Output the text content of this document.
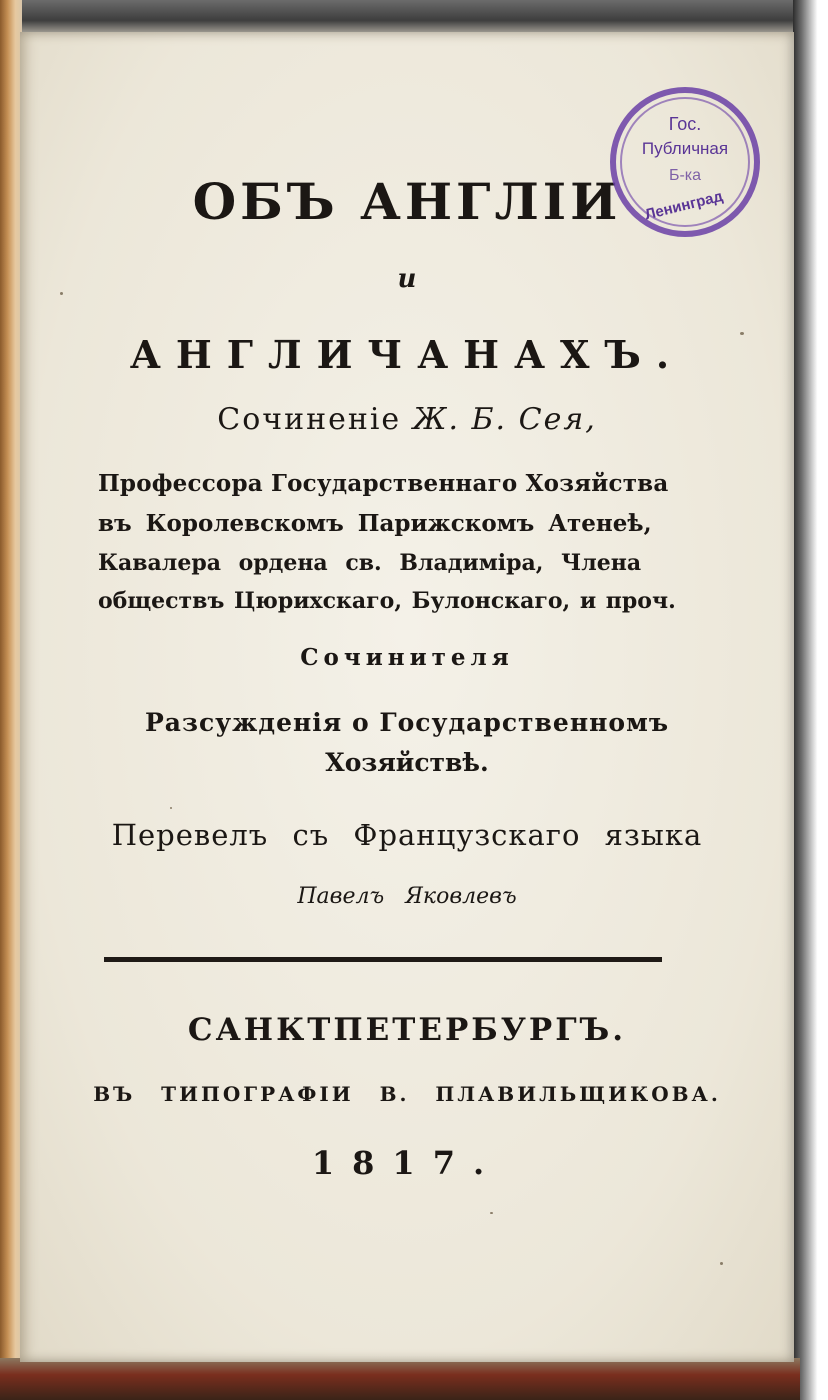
ОБЪ АНГЛIИ
и
АНГЛИЧАНАХЪ.
Сочиненiе Ж. Б. Сея,
Профессора Государственнаго Хозяйства
въ Королевскомъ Парижскомъ Атенеѣ,
Кавалера ордена св. Владимiра, Члена
обществъ Цюрихскаго, Булонскаго, и проч.
Сочинителя
Разсужденiя о Государственномъ
Хозяйствѣ.
Перевелъ съ Французскаго языка
Павелъ Яковлевъ
САНКТПЕТЕРБУРГЪ.
ВЪ ТИПОГРАФIИ В. ПЛАВИЛЬЩИКОВА.
1817.
Гос.
Публичная
Б-ка
Ленинград
